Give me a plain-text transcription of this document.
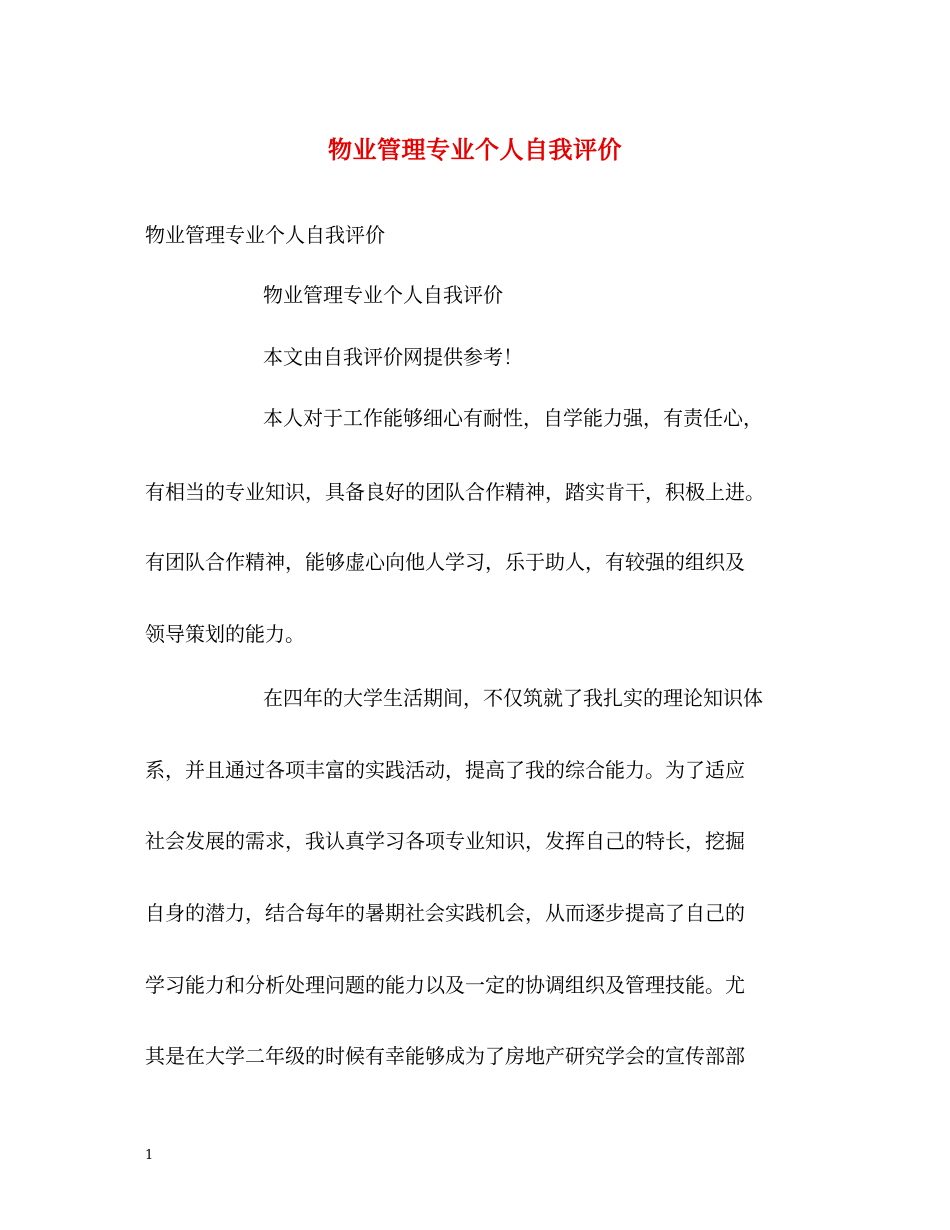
物业管理专业个人自我评价
物业管理专业个人自我评价
物业管理专业个人自我评价
本文由自我评价网提供参考！
本人对于工作能够细心有耐性，自学能力强，有责任心，
有相当的专业知识，具备良好的团队合作精神，踏实肯干，积极上进。
有团队合作精神，能够虚心向他人学习，乐于助人，有较强的组织及
领导策划的能力。
在四年的大学生活期间，不仅筑就了我扎实的理论知识体
系，并且通过各项丰富的实践活动，提高了我的综合能力。为了适应
社会发展的需求，我认真学习各项专业知识，发挥自己的特长，挖掘
自身的潜力，结合每年的暑期社会实践机会，从而逐步提高了自己的
学习能力和分析处理问题的能力以及一定的协调组织及管理技能。尤
其是在大学二年级的时候有幸能够成为了房地产研究学会的宣传部部
1
